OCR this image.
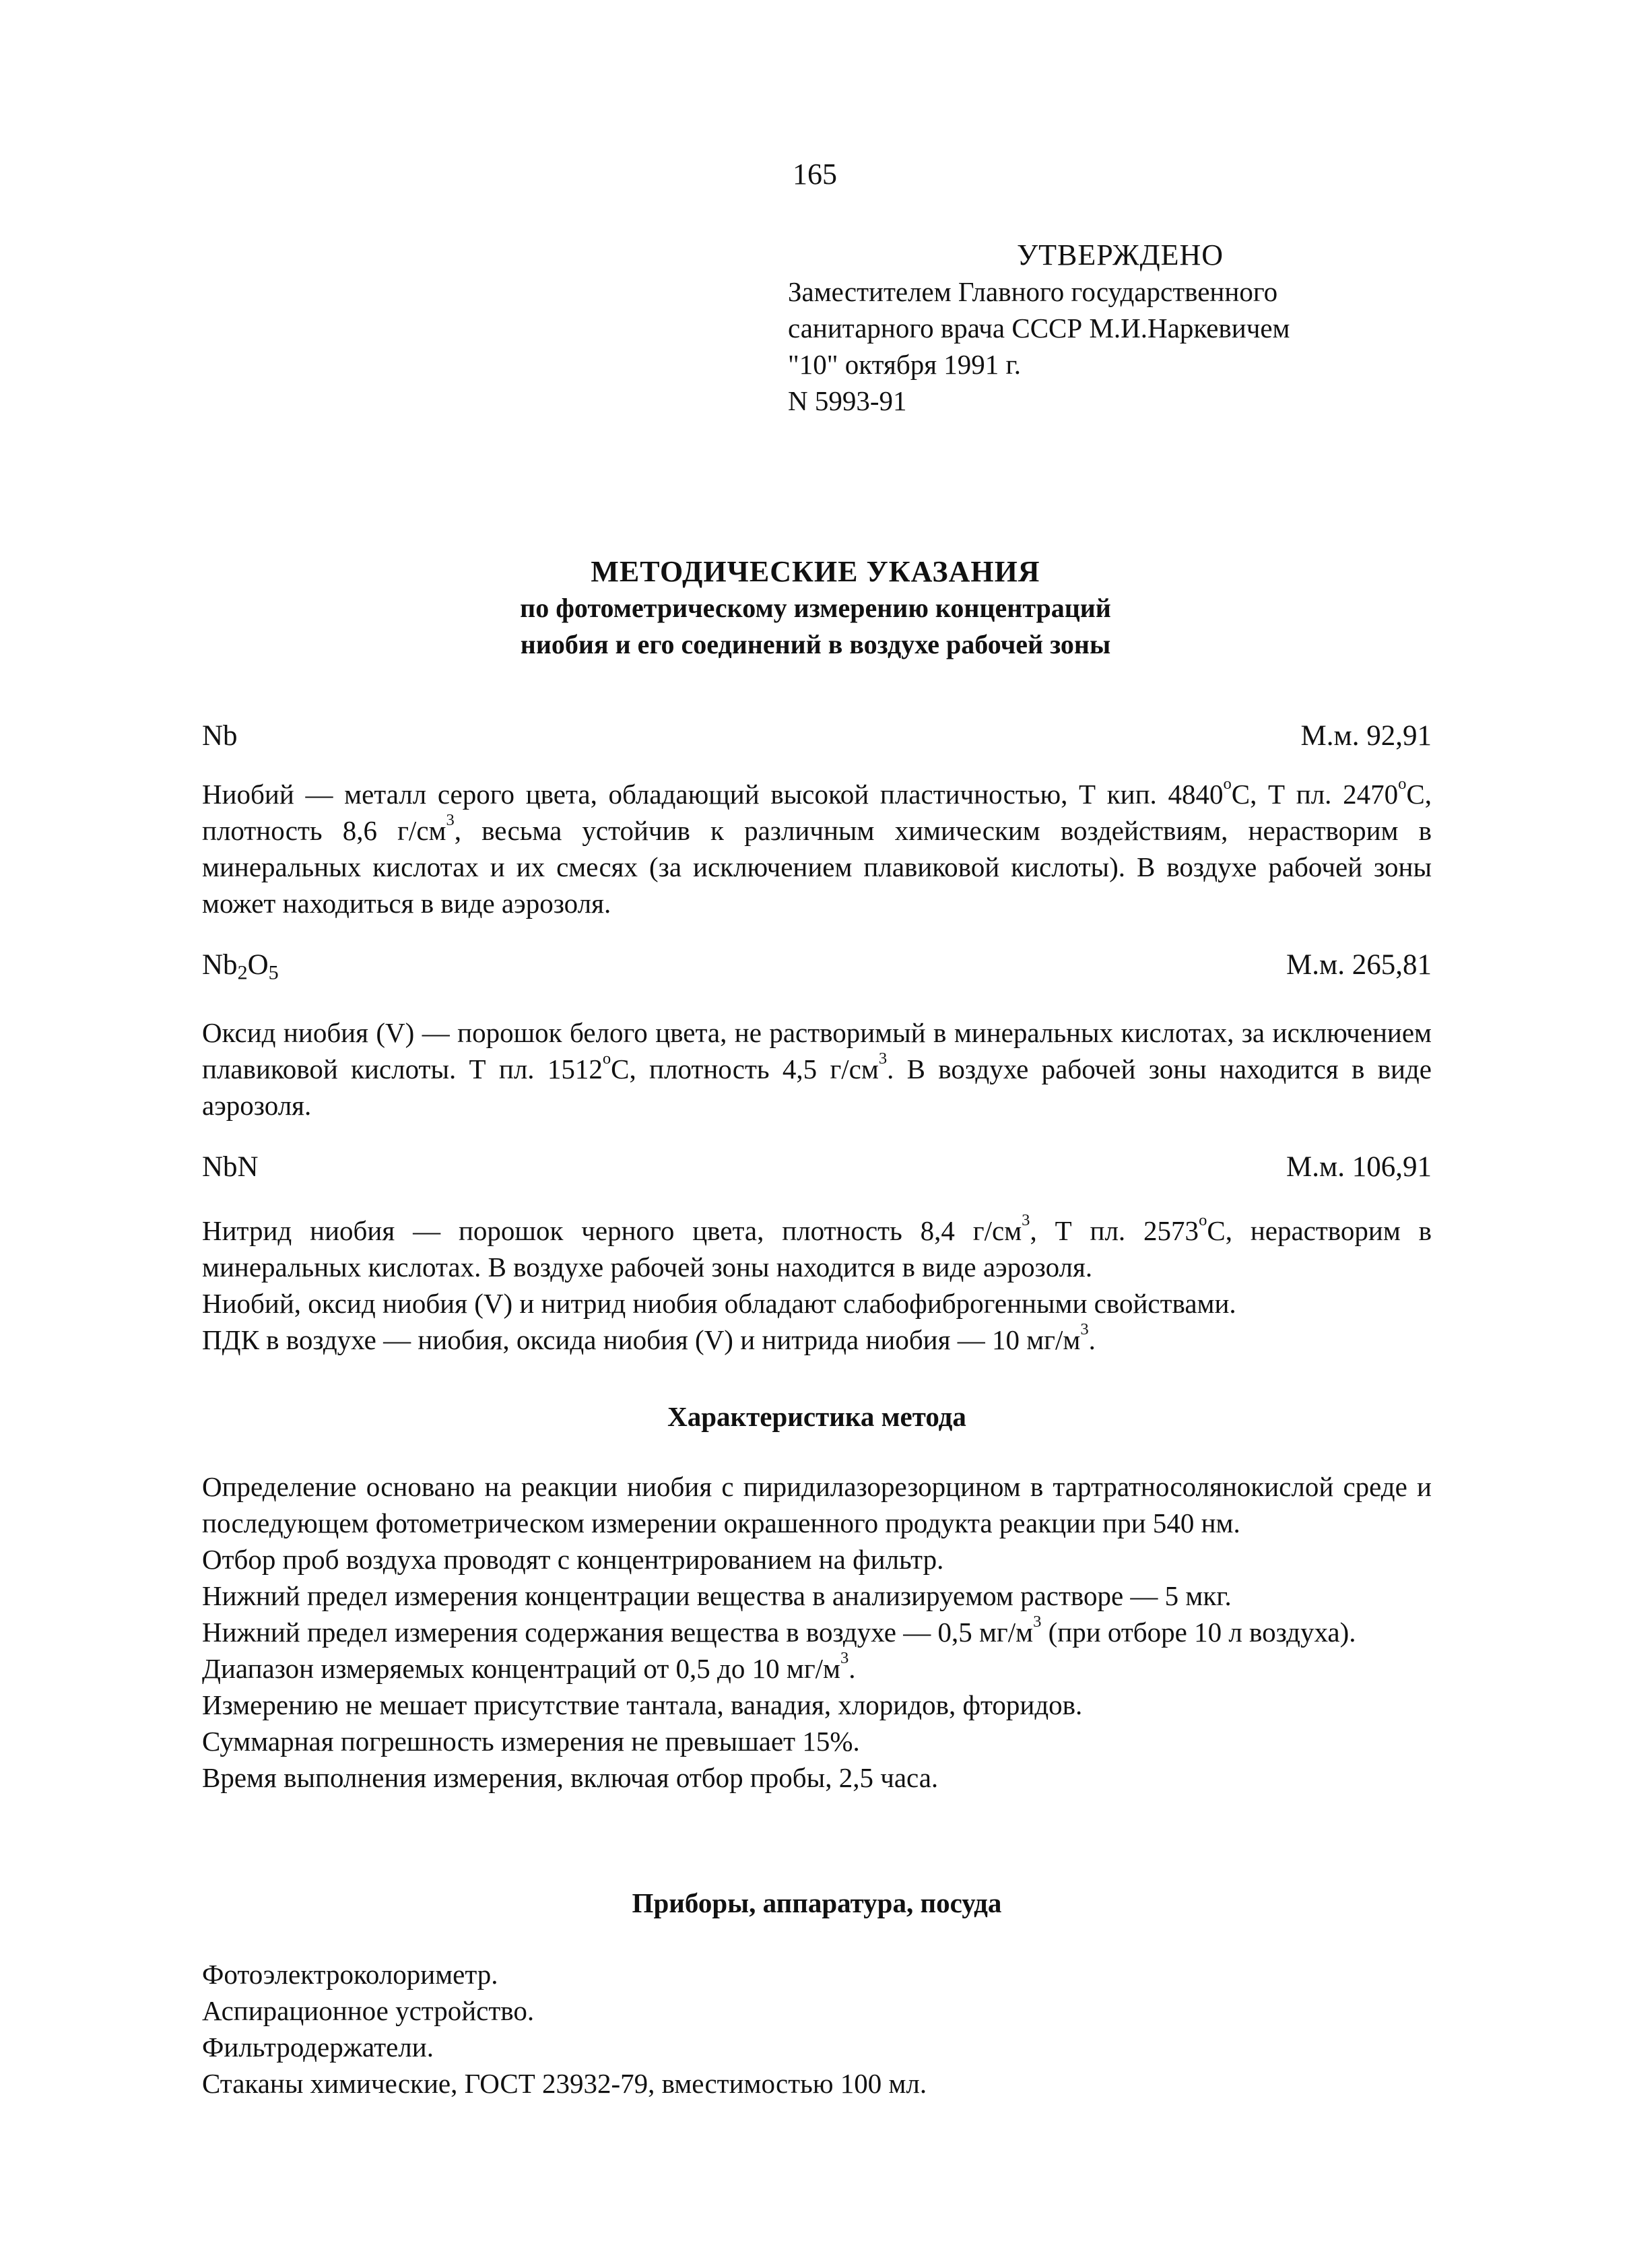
165
УТВЕРЖДЕНО
Заместителем Главного государственного
санитарного врача СССР М.И.Наркевичем
"10" октября 1991 г.
N 5993-91
МЕТОДИЧЕСКИЕ УКАЗАНИЯ
по фотометрическому измерению концентраций
ниобия и его соединений в воздухе рабочей зоны
Nb	М.м. 92,91

Ниобий — металл серого цвета, обладающий высокой пластичностью, Т кип. $4840^оС$, Т пл. $2470^оС$, плотность 8,6 $г/см^3$, весьма устойчив к различным химическим воздействиям, нерастворим в минеральных кислотах и их смесях (за исключением плавиковой кислоты). В воздухе рабочей зоны может находиться в виде аэрозоля.

$Nb_2O_5$	М.м. 265,81

Оксид ниобия (V) — порошок белого цвета, не растворимый в минеральных кислотах, за исключением плавиковой кислоты. Т пл. $1512^оС$, плотность 4,5 $г/см^3$. В воздухе рабочей зоны находится в виде аэрозоля.

NbN	М.м. 106,91

Нитрид ниобия — порошок черного цвета, плотность 8,4 $г/см^3$, Т пл. $2573^оС$, нерастворим в минеральных кислотах. В воздухе рабочей зоны находится в виде аэрозоля.

Ниобий, оксид ниобия (V) и нитрид ниобия обладают слабофиброгенными свойствами.

ПДК в воздухе — ниобия, оксида ниобия (V) и нитрида ниобия — 10 $мг/м^3$.

Характеристика метода

Определение основано на реакции ниобия с пиридилазорезорцином в тартратносолянокислой среде и последующем фотометрическом измерении окрашенного продукта реакции при 540 нм.

Отбор проб воздуха проводят с концентрированием на фильтр.

Нижний предел измерения концентрации вещества в анализируемом растворе — 5 мкг.

Нижний предел измерения содержания вещества в воздухе — 0,5 $мг/м^3$ (при отборе 10 л воздуха).

Диапазон измеряемых концентраций от 0,5 до 10 $мг/м^3$.

Измерению не мешает присутствие тантала, ванадия, хлоридов, фторидов.

Суммарная погрешность измерения не превышает 15%.

Время выполнения измерения, включая отбор пробы, 2,5 часа.

Приборы, аппаратура, посуда

Фотоэлектроколориметр.

Аспирационное устройство.

Фильтродержатели.

Стаканы химические, ГОСТ 23932-79, вместимостью 100 мл.
